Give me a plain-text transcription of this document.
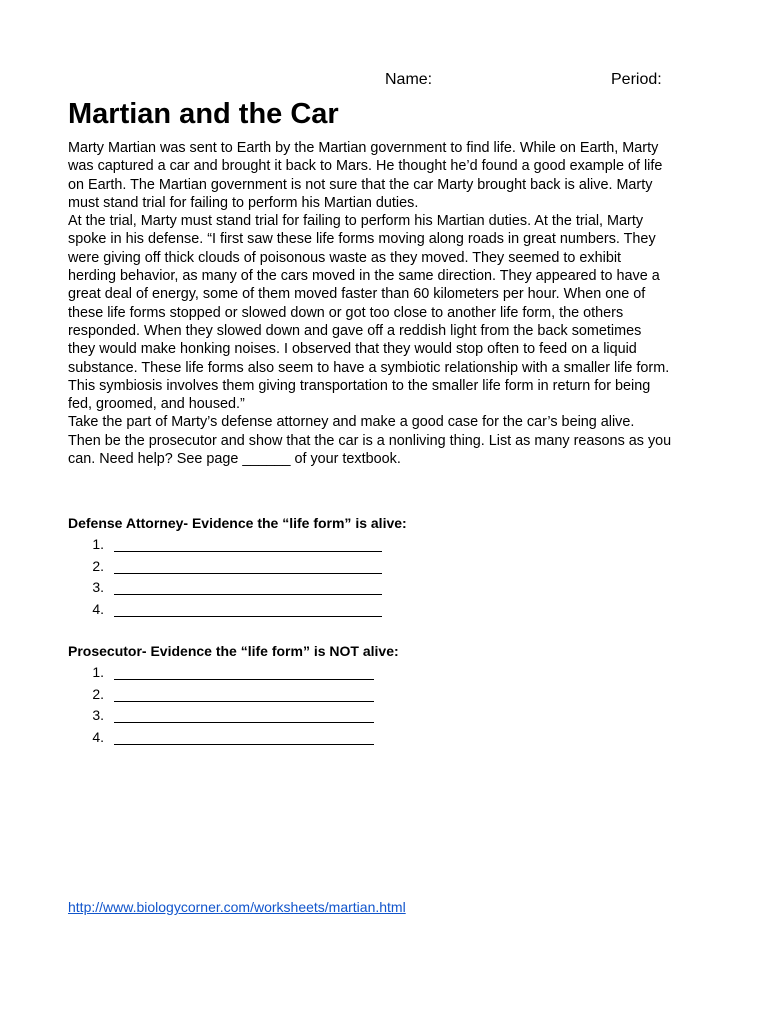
Name:	Period:
Martian and the Car

Marty Martian was sent to Earth by the Martian government to find life. While on Earth, Marty

was captured a car and brought it back to Mars. He thought he’d found a good example of life

on Earth. The Martian government is not sure that the car Marty brought back is alive. Marty

must stand trial for failing to perform his Martian duties.

At the trial, Marty must stand trial for failing to perform his Martian duties. At the trial, Marty

spoke in his defense. “I first saw these life forms moving along roads in great numbers. They

were giving off thick clouds of poisonous waste as they moved. They seemed to exhibit

herding behavior, as many of the cars moved in the same direction. They appeared to have a

great deal of energy, some of them moved faster than 60 kilometers per hour. When one of

these life forms stopped or slowed down or got too close to another life form, the others

responded. When they slowed down and gave off a reddish light from the back sometimes

they would make honking noises. I observed that they would stop often to feed on a liquid

substance. These life forms also seem to have a symbiotic relationship with a smaller life form.

This symbiosis involves them giving transportation to the smaller life form in return for being

fed, groomed, and housed.”

Take the part of Marty’s defense attorney and make a good case for the car’s being alive.

Then be the prosecutor and show that the car is a nonliving thing. List as many reasons as you

can. Need help? See page ______ of your textbook.

Defense Attorney- Evidence the “life form” is alive:
1.
2.
3.
4.
Prosecutor- Evidence the “life form” is NOT alive:
1.
2.
3.
4.
http://www.biologycorner.com/worksheets/martian.html
